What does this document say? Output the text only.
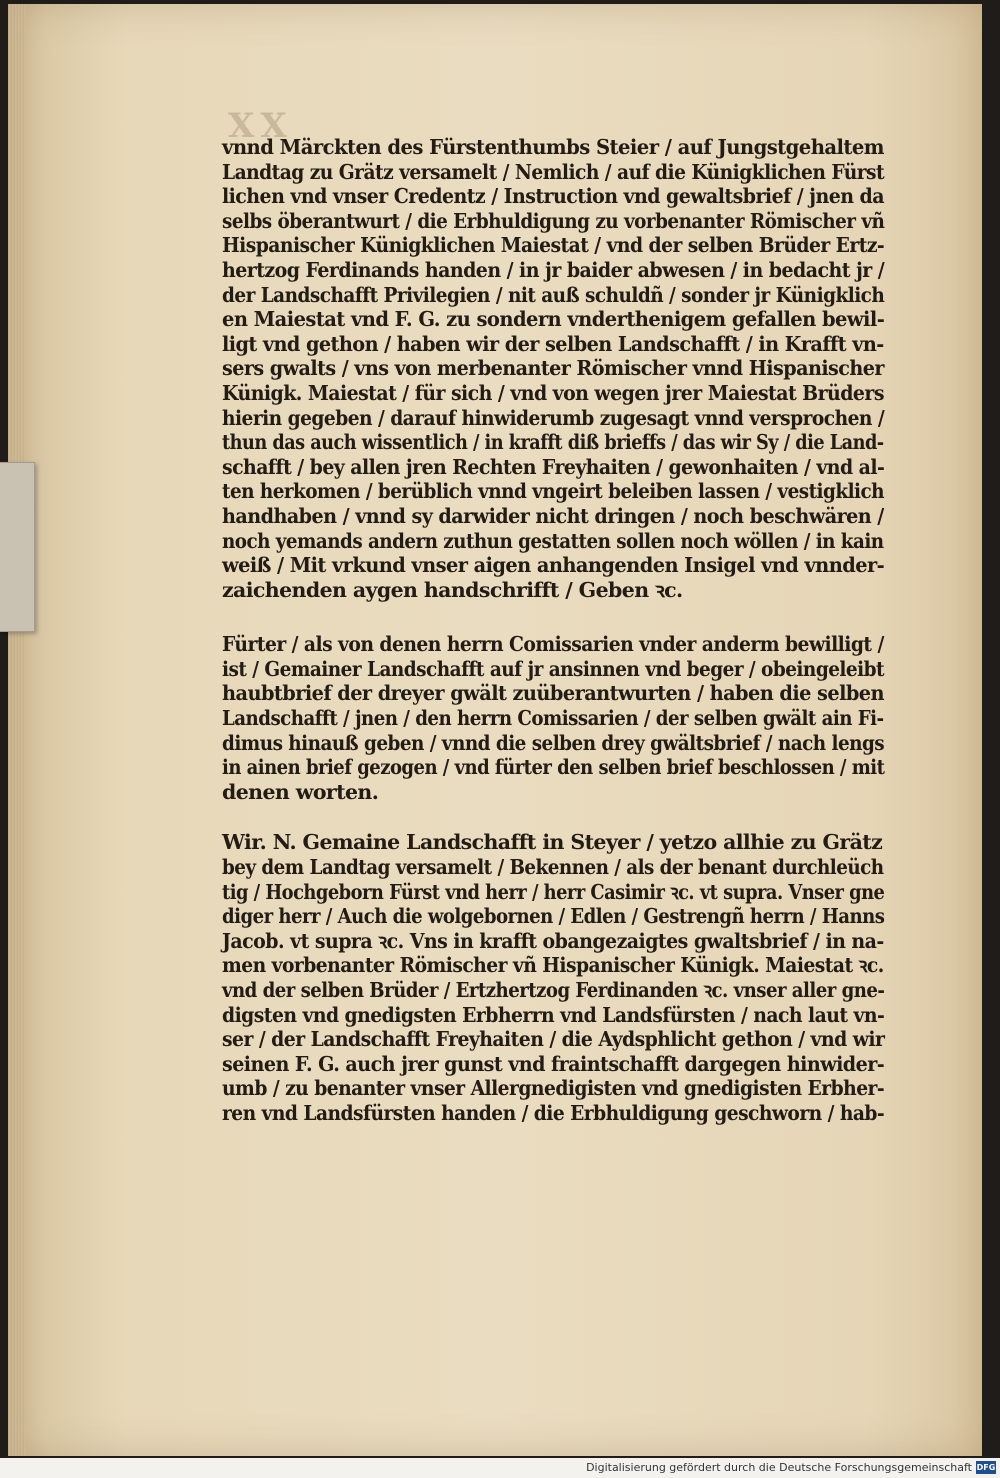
XX
vnnd Märckten des Fürstenthumbs Steier / auf Jungstgehaltem
Landtag zu Grätz versamelt / Nemlich / auf die Künigklichen Fürst
lichen vnd vnser Credentz / Instruction vnd gewaltsbrief / jnen da
selbs öberantwurt / die Erbhuldigung zu vorbenanter Römischer vñ
Hispanischer Künigklichen Maiestat / vnd der selben Brüder Ertz-
hertzog Ferdinands handen / in jr baider abwesen / in bedacht jr /
der Landschafft Privilegien / nit auß schuldñ / sonder jr Künigklich
en Maiestat vnd F. G. zu sondern vnderthenigem gefallen bewil-
ligt vnd gethon / haben wir der selben Landschafft / in Krafft vn-
sers gwalts / vns von merbenanter Römischer vnnd Hispanischer
Künigk. Maiestat / für sich / vnd von wegen jrer Maiestat Brüders
hierin gegeben / darauf hinwiderumb zugesagt vnnd versprochen /
thun das auch wissentlich / in krafft diß brieffs / das wir Sy / die Land-
schafft / bey allen jren Rechten Freyhaiten / gewonhaiten / vnd al-
ten herkomen / berüblich vnnd vngeirt beleiben lassen / vestigklich
handhaben / vnnd sy darwider nicht dringen / noch beschwären /
noch yemands andern zuthun gestatten sollen noch wöllen / in kain
weiß / Mit vrkund vnser aigen anhangenden Insigel vnd vnnder-
zaichenden aygen handschrifft / Geben ꝛc.
Fürter / als von denen herrn Comissarien vnder anderm bewilligt /
ist / Gemainer Landschafft auf jr ansinnen vnd beger / obeingeleibt
haubtbrief der dreyer gwält zuüberantwurten / haben die selben
Landschafft / jnen / den herrn Comissarien / der selben gwält ain Fi-
dimus hinauß geben / vnnd die selben drey gwältsbrief / nach lengs
in ainen brief gezogen / vnd fürter den selben brief beschlossen / mit
denen worten.
Wir. N. Gemaine Landschafft in Steyer / yetzo allhie zu Grätz
bey dem Landtag versamelt / Bekennen / als der benant durchleüch
tig / Hochgeborn Fürst vnd herr / herr Casimir ꝛc. vt supra. Vnser gne
diger herr / Auch die wolgebornen / Edlen / Gestrengñ herrn / Hanns
Jacob. vt supra ꝛc. Vns in krafft obangezaigtes gwaltsbrief / in na-
men vorbenanter Römischer vñ Hispanischer Künigk. Maiestat ꝛc.
vnd der selben Brüder / Ertzhertzog Ferdinanden ꝛc. vnser aller gne-
digsten vnd gnedigsten Erbherrn vnd Landsfürsten / nach laut vn-
ser / der Landschafft Freyhaiten / die Aydsphlicht gethon / vnd wir
seinen F. G. auch jrer gunst vnd fraintschafft dargegen hinwider-
umb / zu benanter vnser Allergnedigisten vnd gnedigisten Erbher-
ren vnd Landsfürsten handen / die Erbhuldigung geschworn / hab-
Digitalisierung gefördert durch die Deutsche Forschungsgemeinschaft DFG
